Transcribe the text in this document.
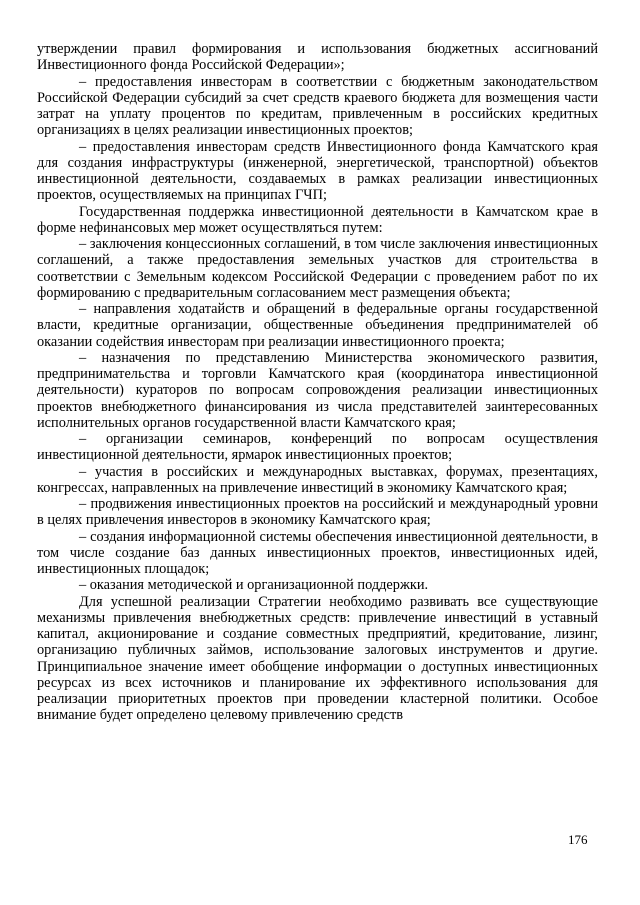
утверждении правил формирования и использования бюджетных ассигнований Инвестиционного фонда Российской Федерации»;

– предоставления инвесторам в соответствии с бюджетным законодательством Российской Федерации субсидий за счет средств краевого бюджета для возмещения части затрат на уплату процентов по кредитам, привлеченным в российских кредитных организациях в целях реализации инвестиционных проектов;

– предоставления инвесторам средств Инвестиционного фонда Камчатского края для создания инфраструктуры (инженерной, энергетической, транспортной) объектов инвестиционной деятельности, создаваемых в рамках реализации инвестиционных проектов, осуществляемых на принципах ГЧП;

Государственная поддержка инвестиционной деятельности в Камчатском крае в форме нефинансовых мер может осуществляться путем:

– заключения концессионных соглашений, в том числе заключения инвестиционных соглашений, а также предоставления земельных участков для строительства в соответствии с Земельным кодексом Российской Федерации с проведением работ по их формированию с предварительным согласованием мест размещения объекта;

– направления ходатайств и обращений в федеральные органы государственной власти, кредитные организации, общественные объединения предпринимателей об оказании содействия инвесторам при реализации инвестиционного проекта;

– назначения по представлению Министерства экономического развития, предпринимательства и торговли Камчатского края (координатора инвестиционной деятельности) кураторов по вопросам сопровождения реализации инвестиционных проектов внебюджетного финансирования из числа представителей заинтересованных исполнительных органов государственной власти Камчатского края;

– организации семинаров, конференций по вопросам осуществления инвестиционной деятельности, ярмарок инвестиционных проектов;

– участия в российских и международных выставках, форумах, презентациях, конгрессах, направленных на привлечение инвестиций в экономику Камчатского края;

– продвижения инвестиционных проектов на российский и международный уровни в целях привлечения инвесторов в экономику Камчатского края;

– создания информационной системы обеспечения инвестиционной деятельности, в том числе создание баз данных инвестиционных проектов, инвестиционных идей, инвестиционных площадок;

– оказания методической и организационной поддержки.

Для успешной реализации Стратегии необходимо развивать все существующие механизмы привлечения внебюджетных средств: привлечение инвестиций в уставный капитал, акционирование и создание совместных предприятий, кредитование, лизинг, организацию публичных займов, использование залоговых инструментов и другие. Принципиальное значение имеет обобщение информации о доступных инвестиционных ресурсах из всех источников и планирование их эффективного использования для реализации приоритетных проектов при проведении кластерной политики. Особое внимание будет определено целевому привлечению средств

176
